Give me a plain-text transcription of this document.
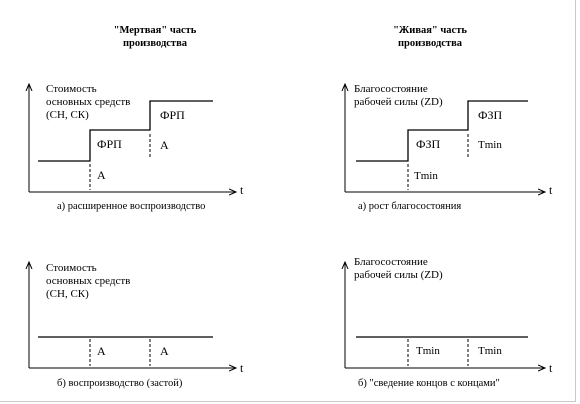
"Мертвая" часть
производства
"Живая" часть
производства
t
Стоимость
основных средств
(СН, СК)
ФРП
ФРП
А
А
а) расширенное воспроизводство
t
Благосостояние
рабочей силы (ZD)
ФЗП
ФЗП
Tmin
Tmin
а) рост благосостояния
t
Стоимость
основных средств
(СН, СК)
А	А
б) воспроизводство (застой)
t
Благосостояние
рабочей силы (ZD)
Tmin	Tmin
б) "сведение концов с концами"
